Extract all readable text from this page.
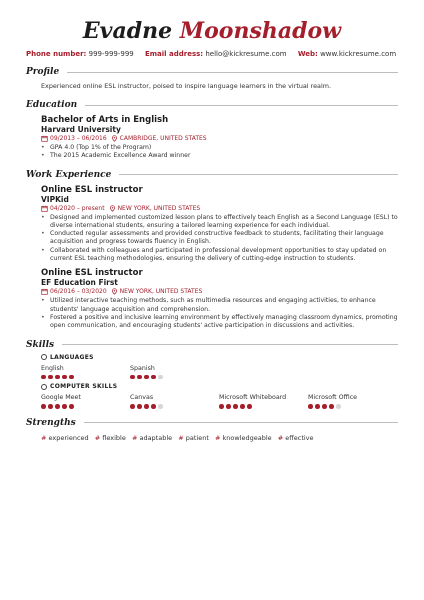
Evadne Moonshadow
Phone number: 999-999-999 Email address: hello@kickresume.com Web: www.kickresume.com
Profile
Experienced online ESL instructor, poised to inspire language learners in the virtual realm.
Education
Bachelor of Arts in English
Harvard University
09/2013 – 06/2016 CAMBRIDGE, UNITED STATES
• GPA 4.0 (Top 1% of the Program)
• The 2015 Academic Excellence Award winner
Work Experience
Online ESL instructor
VIPKid
04/2020 – present NEW YORK, UNITED STATES
• Designed and implemented customized lesson plans to effectively teach English as a Second Language (ESL) to diverse international students, ensuring a tailored learning experience for each individual.
• Conducted regular assessments and provided constructive feedback to students, facilitating their language acquisition and progress towards fluency in English.
• Collaborated with colleagues and participated in professional development opportunities to stay updated on current ESL teaching methodologies, ensuring the delivery of cutting-edge instruction to students.
Online ESL instructor
EF Education First
06/2016 – 03/2020 NEW YORK, UNITED STATES
• Utilized interactive teaching methods, such as multimedia resources and engaging activities, to enhance students' language acquisition and comprehension.
• Fostered a positive and inclusive learning environment by effectively managing classroom dynamics, promoting open communication, and encouraging students' active participation in discussions and activities.
Skills
LANGUAGES
English	Spanish
COMPUTER SKILLS
Google Meet	Canvas	Microsoft Whiteboard	Microsoft Office
Strengths
# experienced # flexible # adaptable # patient # knowledgeable # effective
